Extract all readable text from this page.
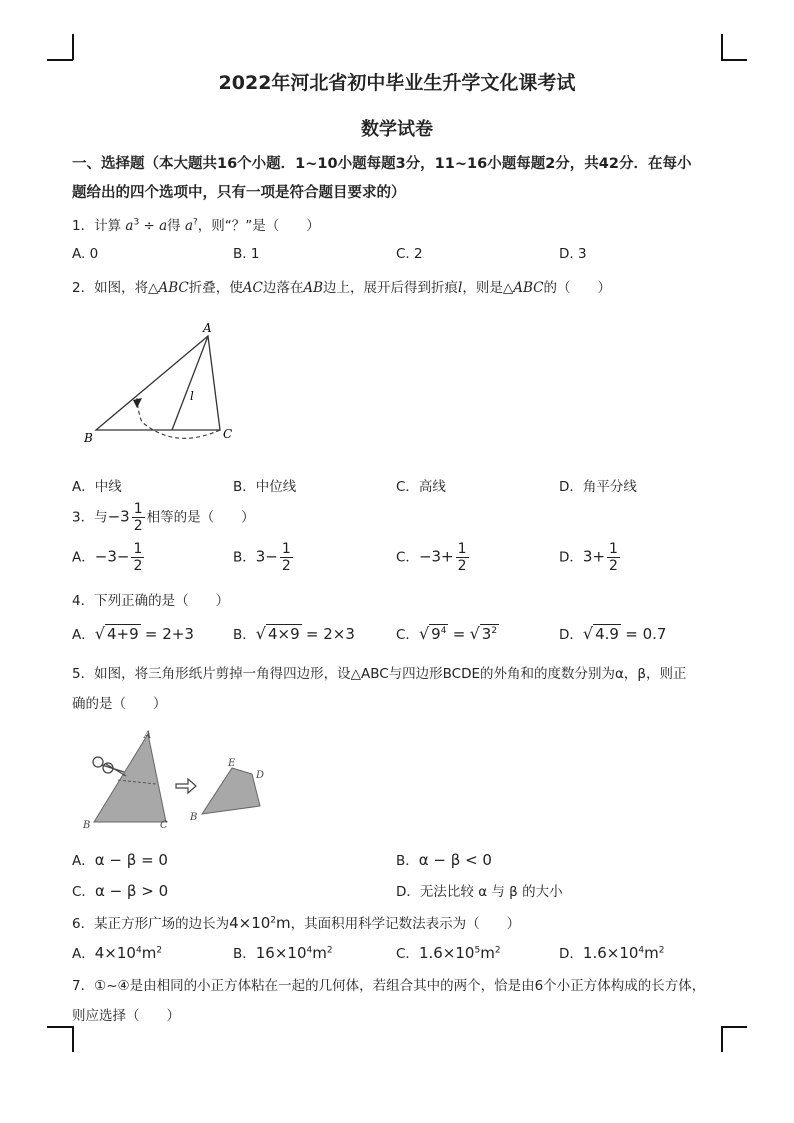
2022年河北省初中毕业生升学文化课考试
数学试卷
一、选择题（本大题共16个小题．1~10小题每题3分，11~16小题每题2分，共42分．在每小
题给出的四个选项中，只有一项是符合题目要求的）
1．计算 $a^3 \div a$得 a?，则“？”是（　　）
A. 0	B. 1	C. 2	D. 3
2．如图，将△ABC折叠，使AC边落在AB边上，展开后得到折痕l，则是△ABC的（　　）
A
B	C
l
A．中线	B．中位线	C．高线	D．角平分线
3．与$-3 \frac{1}{2}$ 相等的是（　　）
A．$-3- \frac{1}{2}$	B．$3- \frac{1}{2}$	C．$-3+ \frac{1}{2}$	D．$3+ \frac{1}{2}$
4．下列正确的是（　　）
A．√ 4+9 = 2+3	B．√ 4×9 = 2×3	C．√ $9^4$ = √ $3^2$	D．√ 4.9 = 0.7
5．如图，将三角形纸片剪掉一角得四边形，设△ABC与四边形BCDE的外角和的度数分别为α，β，则正
确的是（　　）
A
B	C
E
D
B
A．α − β = 0	B．α − β < 0
C．α − β > 0	D．无法比较 α 与 β 的大小
6．某正方形广场的边长为$4\times 10^2m$，其面积用科学记数法表示为（　　）
A．$4\times 10^4m^2$	B．$16\times 10^4m^2$	C．$1.6\times 10^5m^2$	D．$1.6\times 10^4m^2$
7．①~④是由相同的小正方体粘在一起的几何体，若组合其中的两个，恰是由6个小正方体构成的长方体，
则应选择（　　）
